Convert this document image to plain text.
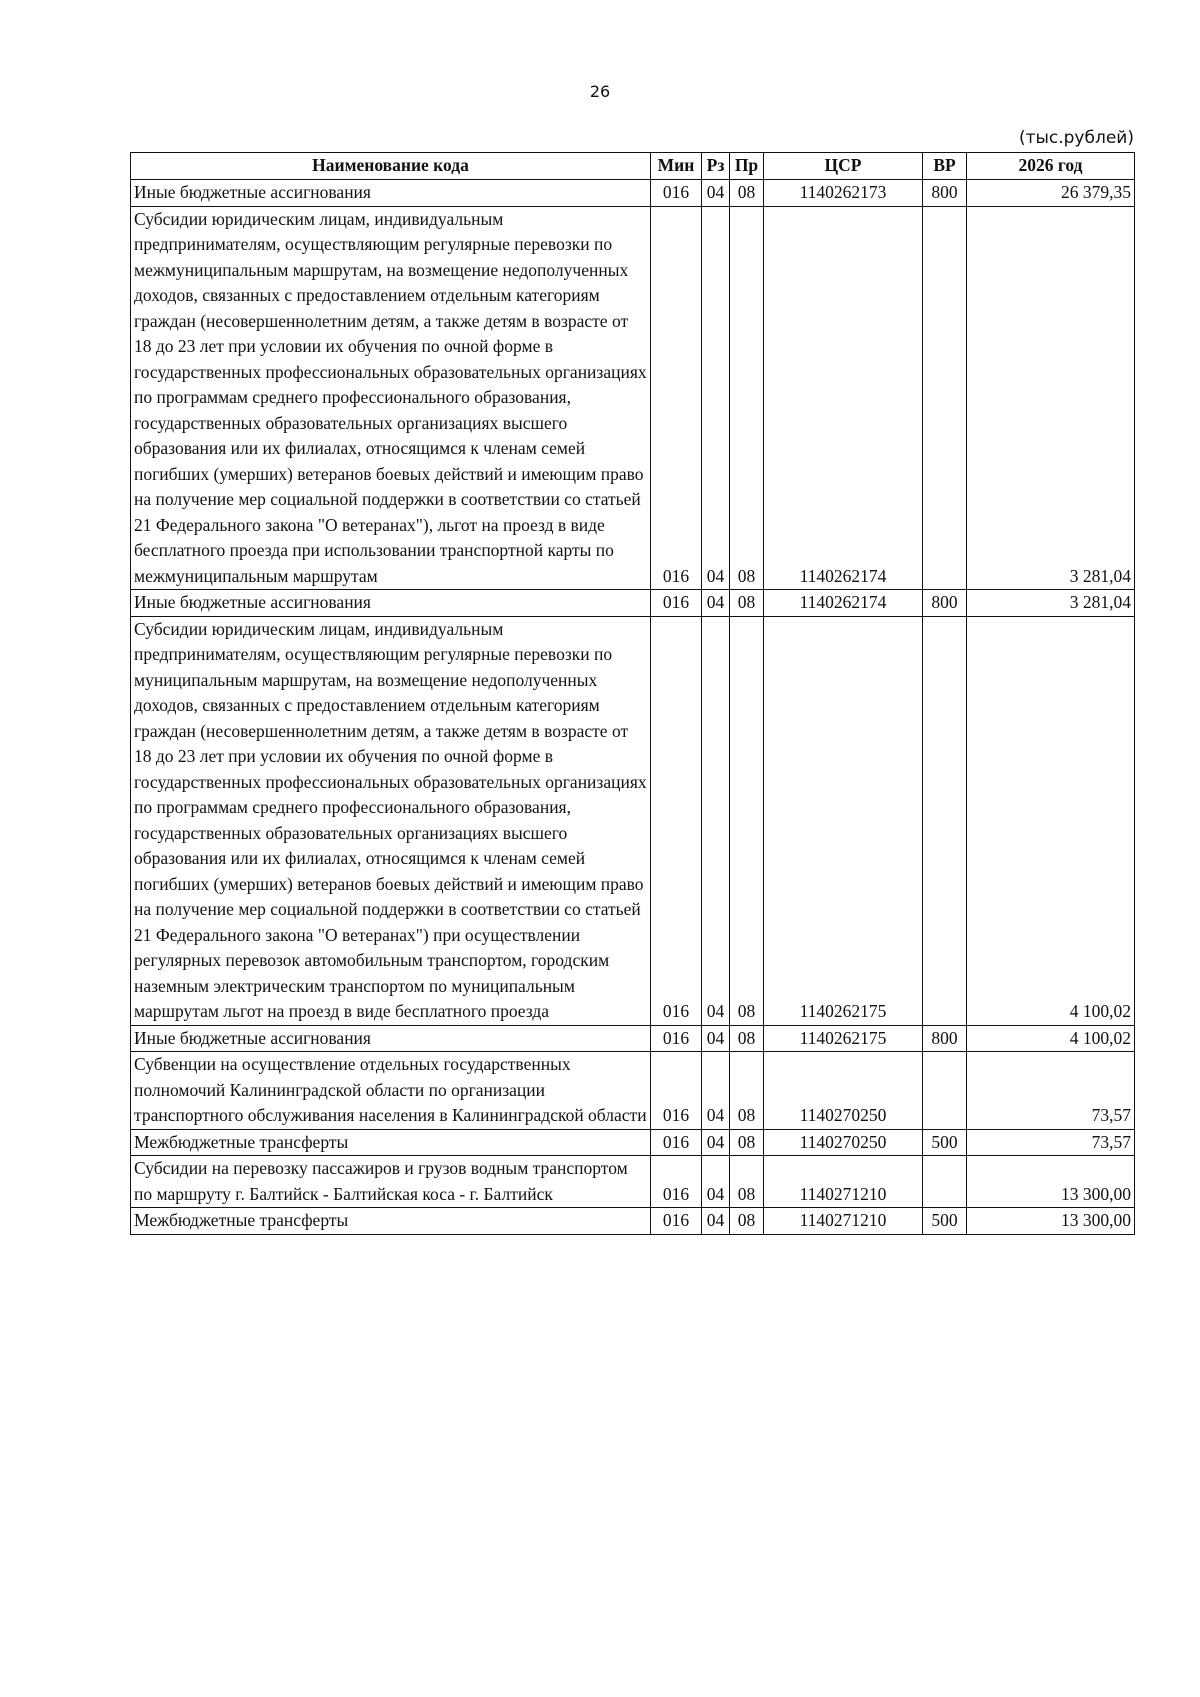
26
(тыс.рублей)
Наименование кода	Мин	Рз	Пр	ЦСР	ВР	2026 год
Иные бюджетные ассигнования	016	04	08	1140262173	800	26 379,35
Субсидии юридическим лицам, индивидуальным предпринимателям, осуществляющим регулярные перевозки по межмуниципальным маршрутам, на возмещение недополученных доходов, связанных с предоставлением отдельным категориям граждан (несовершеннолетним детям, а также детям в возрасте от 18 до 23 лет при условии их обучения по очной форме в государственных профессиональных образовательных организациях по программам среднего профессионального образования, государственных образовательных организациях высшего образования или их филиалах, относящимся к членам семей погибших (умерших) ветеранов боевых действий и имеющим право на получение мер социальной поддержки в соответствии со статьей 21 Федерального закона "О ветеранах"), льгот на проезд в виде бесплатного проезда при использовании транспортной карты по межмуниципальным маршрутам	016	04	08	1140262174		3 281,04
Иные бюджетные ассигнования	016	04	08	1140262174	800	3 281,04
Субсидии юридическим лицам, индивидуальным предпринимателям, осуществляющим регулярные перевозки по муниципальным маршрутам, на возмещение недополученных доходов, связанных с предоставлением отдельным категориям граждан (несовершеннолетним детям, а также детям в возрасте от 18 до 23 лет при условии их обучения по очной форме в государственных профессиональных образовательных организациях по программам среднего профессионального образования, государственных образовательных организациях высшего образования или их филиалах, относящимся к членам семей погибших (умерших) ветеранов боевых действий и имеющим право на получение мер социальной поддержки в соответствии со статьей 21 Федерального закона "О ветеранах") при осуществлении регулярных перевозок автомобильным транспортом, городским наземным электрическим транспортом по муниципальным маршрутам льгот на проезд в виде бесплатного проезда	016	04	08	1140262175		4 100,02
Иные бюджетные ассигнования	016	04	08	1140262175	800	4 100,02
Субвенции на осуществление отдельных государственных полномочий Калининградской области по организации транспортного обслуживания населения в Калининградской области	016	04	08	1140270250		73,57
Межбюджетные трансферты	016	04	08	1140270250	500	73,57
Субсидии на перевозку пассажиров и грузов водным транспортом по маршруту г. Балтийск - Балтийская коса - г. Балтийск	016	04	08	1140271210		13 300,00
Межбюджетные трансферты	016	04	08	1140271210	500	13 300,00
